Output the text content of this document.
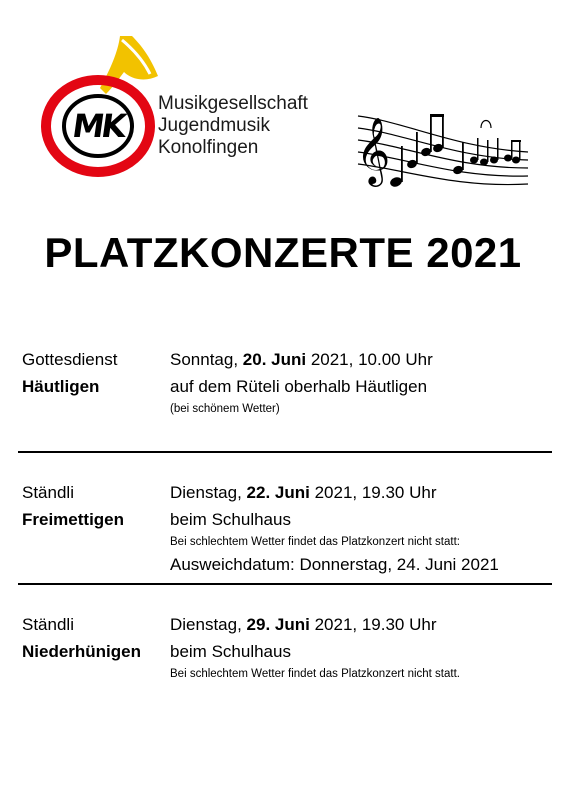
MK
Musikgesellschaft
Jugendmusik
Konolfingen	𝄞
PLATZKONZERTE 2021
Gottesdienst
Häutligen
Sonntag, 20. Juni 2021, 10.00 Uhr
auf dem Rüteli oberhalb Häutligen
(bei schönem Wetter)
Ständli
Freimettigen
Dienstag, 22. Juni 2021, 19.30 Uhr
beim Schulhaus
Bei schlechtem Wetter findet das Platzkonzert nicht statt:
Ausweichdatum: Donnerstag, 24. Juni 2021
Ständli
Niederhünigen
Dienstag, 29. Juni 2021, 19.30 Uhr
beim Schulhaus
Bei schlechtem Wetter findet das Platzkonzert nicht statt.
